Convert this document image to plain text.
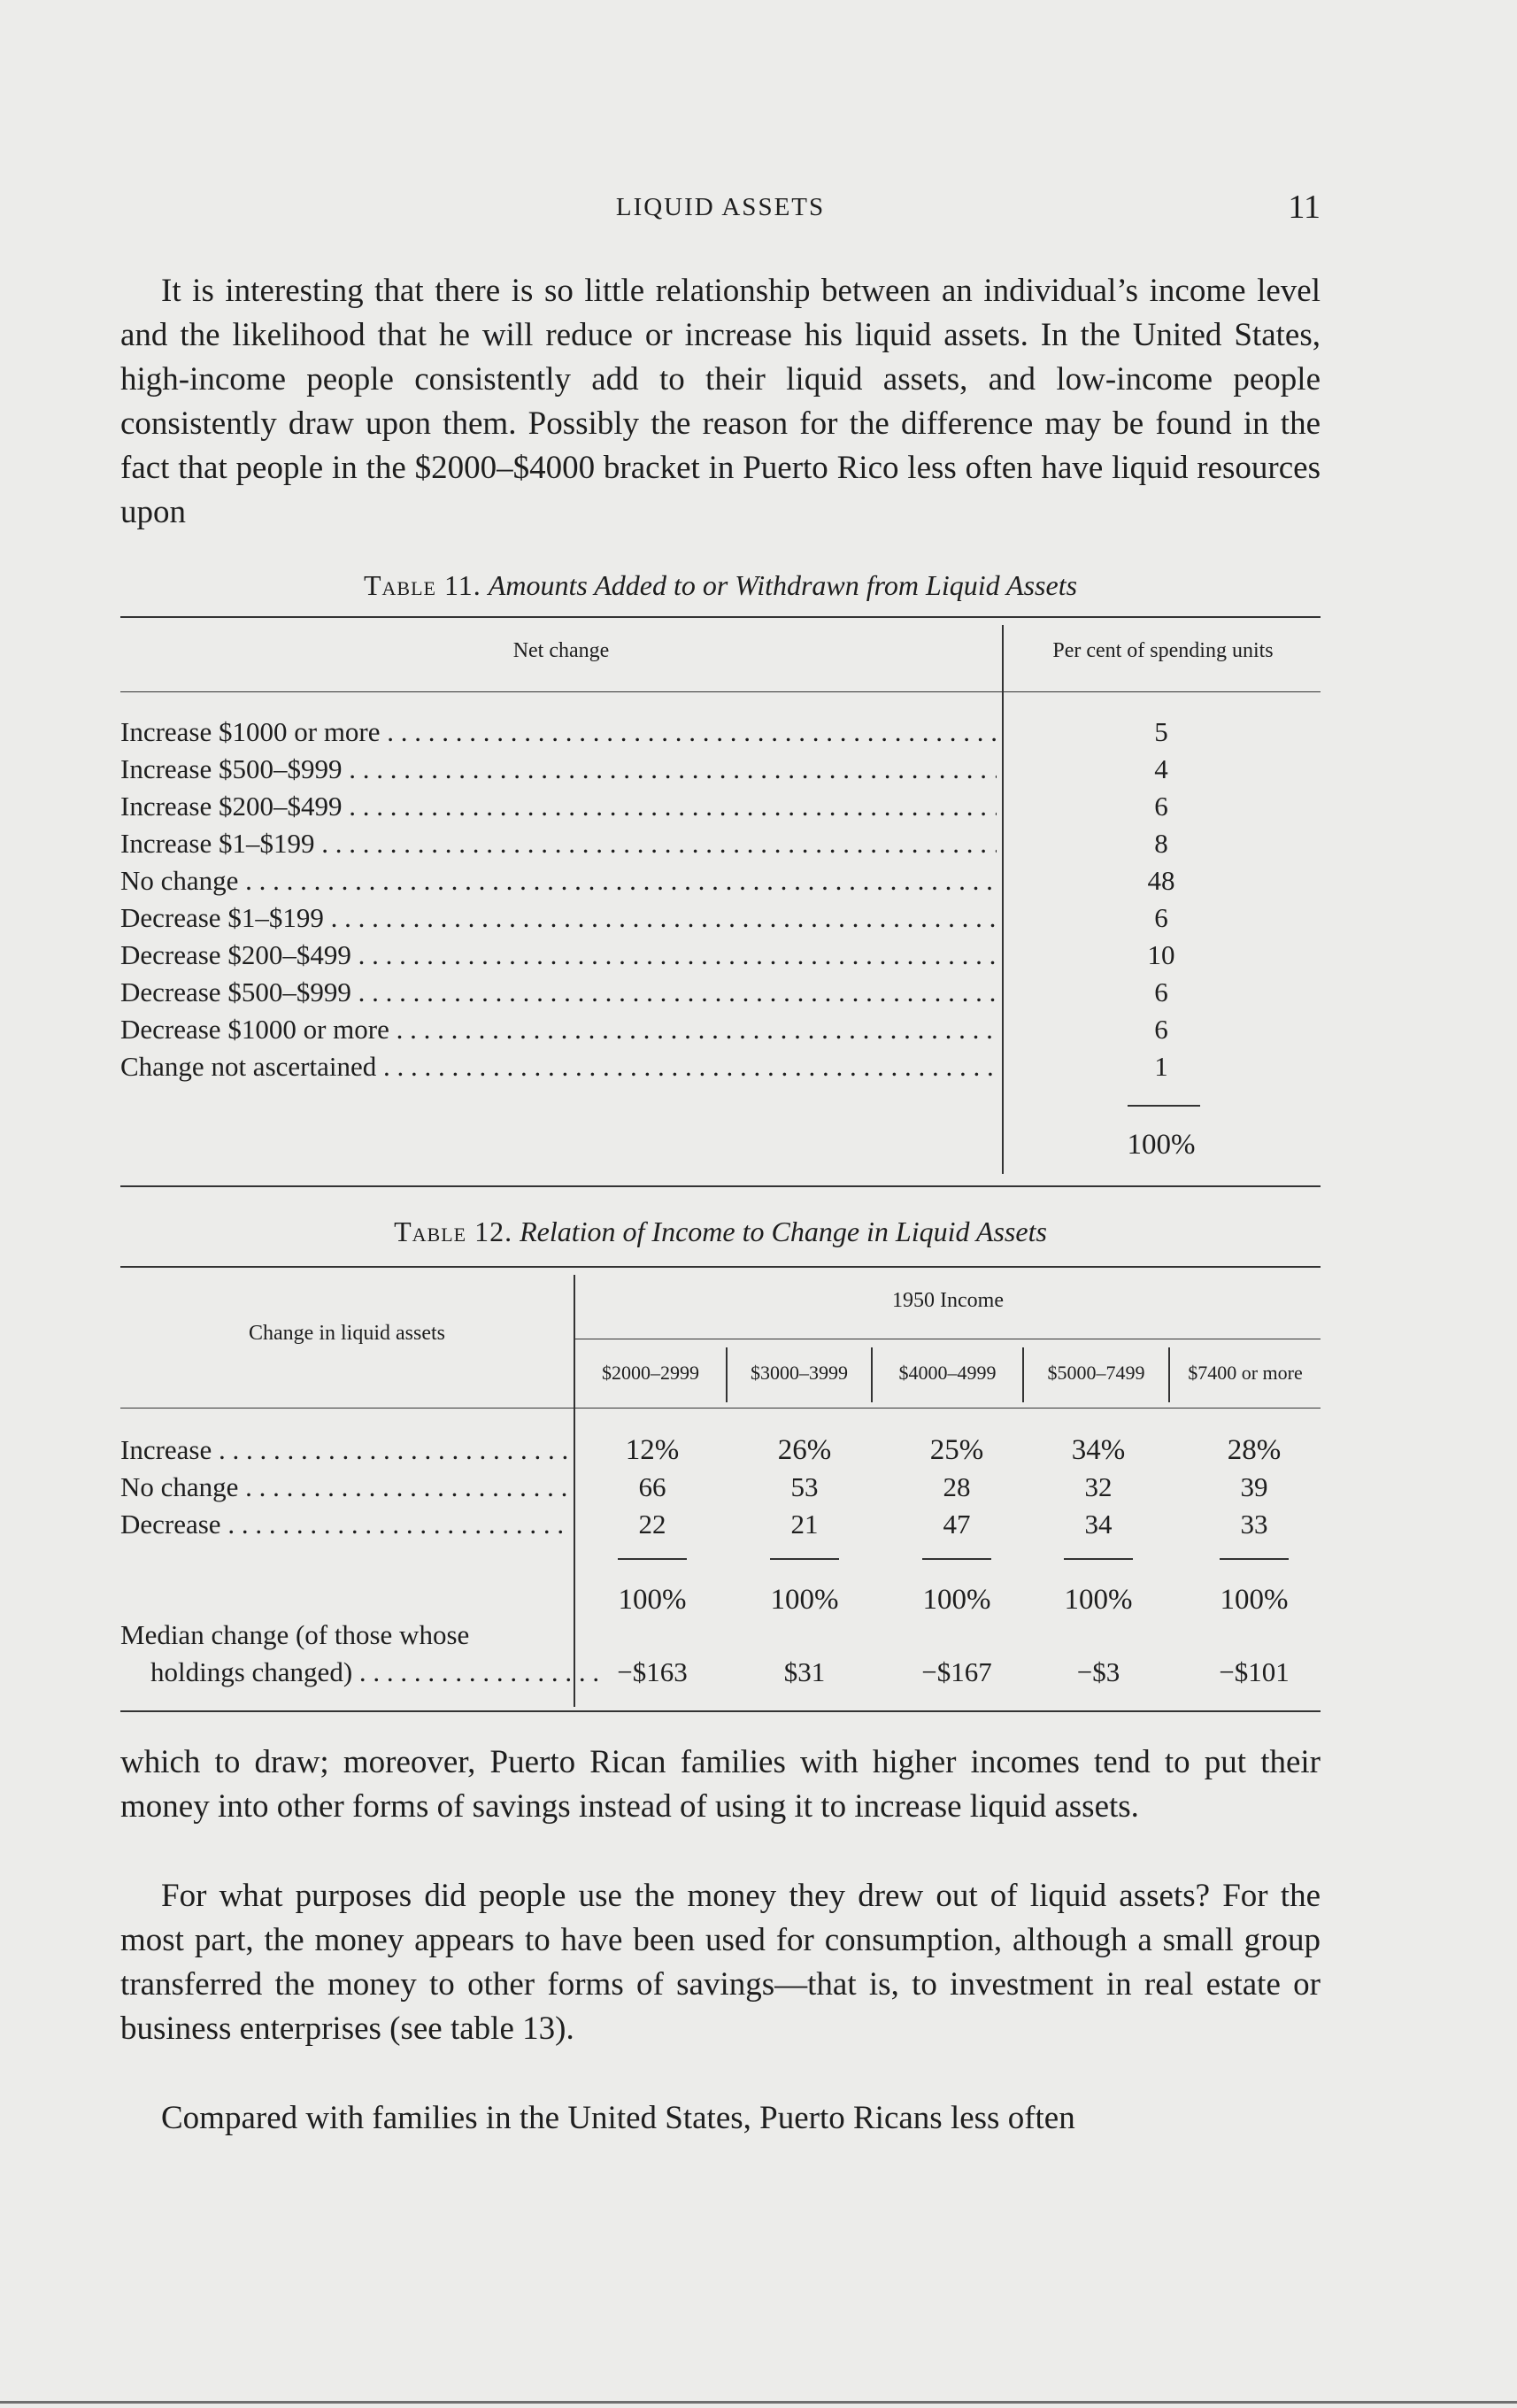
LIQUID ASSETS	11

It is interesting that there is so little relationship between an individual’s income level and the likelihood that he will reduce or increase his liquid assets. In the United States, high-income people consistently add to their liquid assets, and low-income people consistently draw upon them. Possibly the reason for the difference may be found in the fact that people in the $2000–$4000 bracket in Puerto Rico less often have liquid resources upon

Table 11. Amounts Added to or Withdrawn from Liquid Assets
Net change	Per cent of spending units
Increase $1000 or more . . .	5
Increase $500–$999 . . .	4
Increase $200–$499 . . .	6
Increase $1–$199 . . .	8
No change . . .	48
Decrease $1–$199 . . .	6
Decrease $200–$499 . . .	10
Decrease $500–$999 . . .	6
Decrease $1000 or more . . .	6
Change not ascertained . . .	1
100%
Table 12. Relation of Income to Change in Liquid Assets
Change in liquid assets
1950 Income
$2000–2999	$3000–3999	$4000–4999	$5000–7499	$7400 or more
Increase . . .	12%	26%	25%	34%	28%
No change . . .	66	53	28	32	39
Decrease . . .	22	21	47	34	33
100%	100%	100%	100%	100%
Median change (of those whose
holdings changed) . . .	−$163	$31	−$167	−$3	−$101

which to draw; moreover, Puerto Rican families with higher incomes tend to put their money into other forms of savings instead of using it to increase liquid assets.

For what purposes did people use the money they drew out of liquid assets? For the most part, the money appears to have been used for consumption, although a small group transferred the money to other forms of savings—that is, to investment in real estate or business enterprises (see table 13).

Compared with families in the United States, Puerto Ricans less often
